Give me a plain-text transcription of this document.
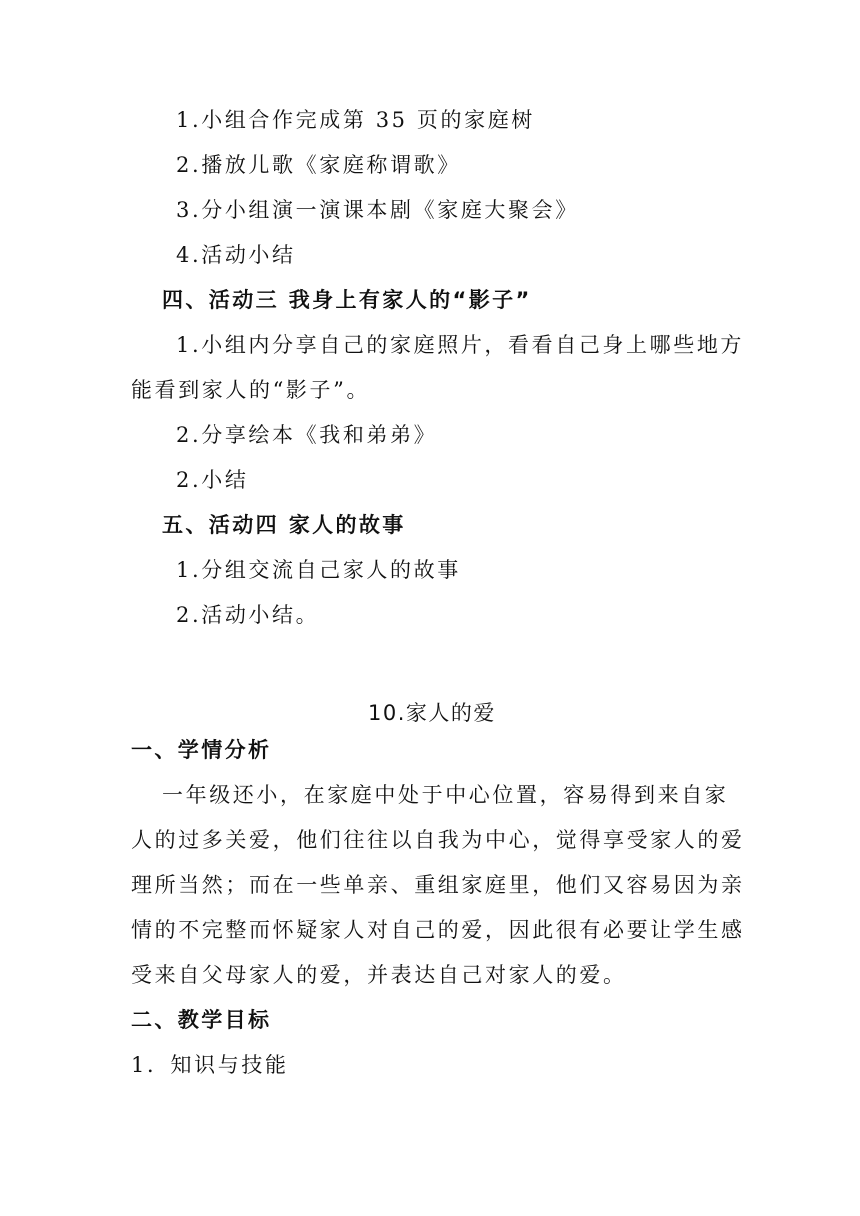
1.小组合作完成第 35 页的家庭树
2.播放儿歌《家庭称谓歌》
3.分小组演一演课本剧《家庭大聚会》
4.活动小结
四、活动三 我身上有家人的“影子”
1.小组内分享自己的家庭照片，看看自己身上哪些地方
能看到家人的“影子”。
2.分享绘本《我和弟弟》
2.小结
五、活动四 家人的故事
1.分组交流自己家人的故事
2.活动小结。
10.家人的爱
一、学情分析
一年级还小，在家庭中处于中心位置，容易得到来自家
人的过多关爱，他们往往以自我为中心，觉得享受家人的爱
理所当然；而在一些单亲、重组家庭里，他们又容易因为亲
情的不完整而怀疑家人对自己的爱，因此很有必要让学生感
受来自父母家人的爱，并表达自己对家人的爱。
二、教学目标
1．知识与技能
